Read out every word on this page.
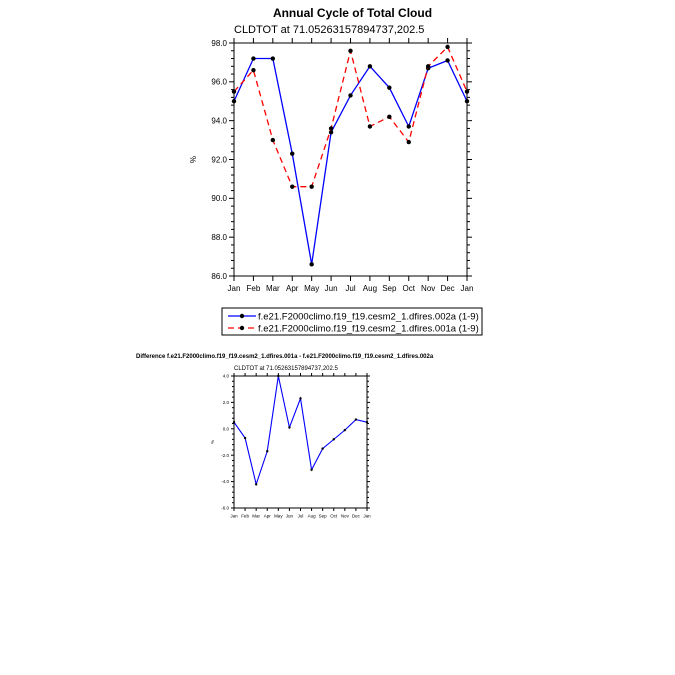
Annual Cycle of Total Cloud
CLDTOT at 71.05263157894737,202.5
86.0
88.0
90.0
92.0
94.0
96.0
98.0
Jan Feb Mar Apr May Jun Jul Aug Sep Oct Nov Dec Jan
%
-6.0
-4.0
-2.0
0.0
2.0
4.0
Jan Feb Mar Apr May Jun Jul Aug Sep Oct Nov Dec Jan
%
f.e21.F2000climo.f19_f19.cesm2_1.dfires.002a (1-9)
f.e21.F2000climo.f19_f19.cesm2_1.dfires.001a (1-9)
Difference f.e21.F2000climo.f19_f19.cesm2_1.dfires.001a - f.e21.F2000climo.f19_f19.cesm2_1.dfires.002a
CLDTOT at 71.05263157894737,202.5
